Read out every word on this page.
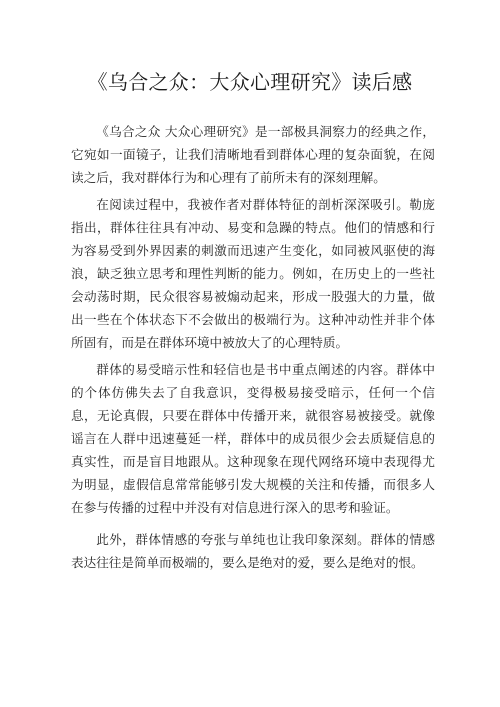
《乌合之众：大众心理研究》读后感

《乌合之众 大众心理研究》是一部极具洞察力的经典之作，它宛如一面镜子，让我们清晰地看到群体心理的复杂面貌，在阅读之后，我对群体行为和心理有了前所未有的深刻理解。

在阅读过程中，我被作者对群体特征的剖析深深吸引。勒庞指出，群体往往具有冲动、易变和急躁的特点。他们的情感和行为容易受到外界因素的刺激而迅速产生变化，如同被风驱使的海浪，缺乏独立思考和理性判断的能力。例如，在历史上的一些社会动荡时期，民众很容易被煽动起来，形成一股强大的力量，做出一些在个体状态下不会做出的极端行为。这种冲动性并非个体所固有，而是在群体环境中被放大了的心理特质。

群体的易受暗示性和轻信也是书中重点阐述的内容。群体中的个体仿佛失去了自我意识，变得极易接受暗示，任何一个信息，无论真假，只要在群体中传播开来，就很容易被接受。就像谣言在人群中迅速蔓延一样，群体中的成员很少会去质疑信息的真实性，而是盲目地跟从。这种现象在现代网络环境中表现得尤为明显，虚假信息常常能够引发大规模的关注和传播，而很多人在参与传播的过程中并没有对信息进行深入的思考和验证。

此外，群体情感的夸张与单纯也让我印象深刻。群体的情感表达往往是简单而极端的，要么是绝对的爱，要么是绝对的恨。
